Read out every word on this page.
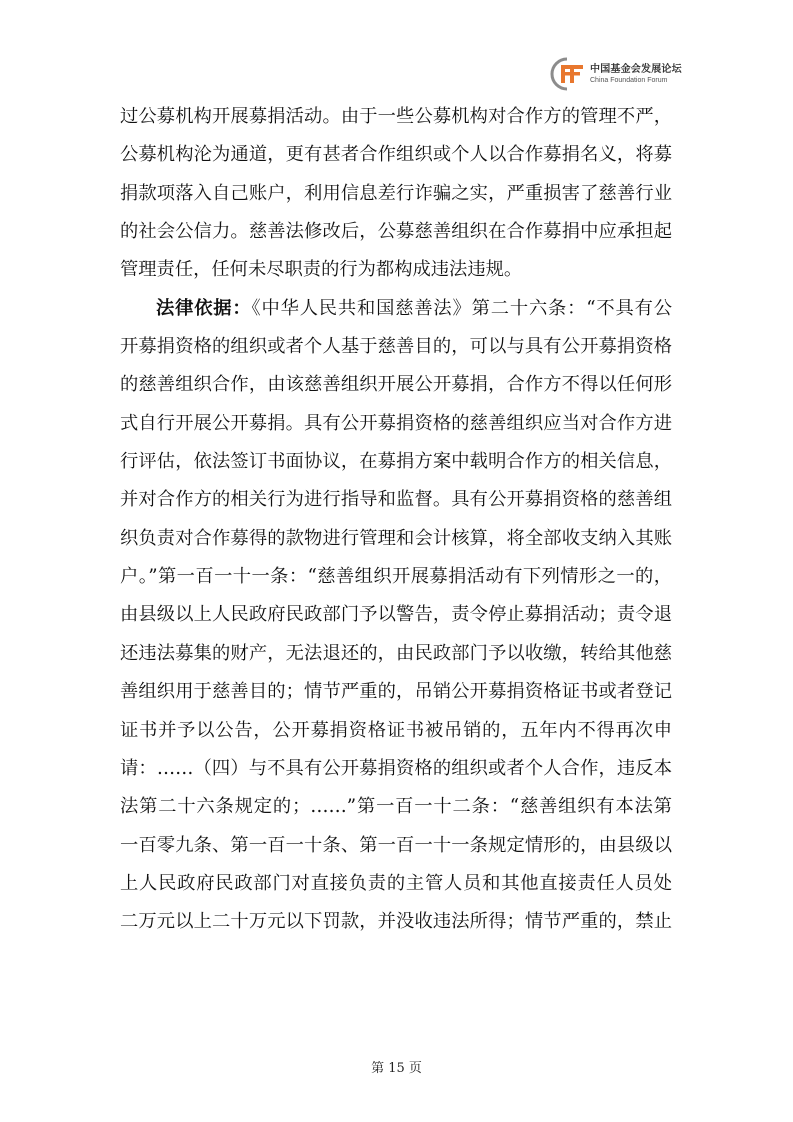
中国基金会发展论坛
China Foundation Forum
过公募机构开展募捐活动。由于一些公募机构对合作方的管理不严，
公募机构沦为通道，更有甚者合作组织或个人以合作募捐名义，将募
捐款项落入自己账户，利用信息差行诈骗之实，严重损害了慈善行业
的社会公信力。慈善法修改后，公募慈善组织在合作募捐中应承担起
管理责任，任何未尽职责的行为都构成违法违规。
法律依据：《中华人民共和国慈善法》第二十六条：“不具有公
开募捐资格的组织或者个人基于慈善目的，可以与具有公开募捐资格
的慈善组织合作，由该慈善组织开展公开募捐，合作方不得以任何形
式自行开展公开募捐。具有公开募捐资格的慈善组织应当对合作方进
行评估，依法签订书面协议，在募捐方案中载明合作方的相关信息，
并对合作方的相关行为进行指导和监督。具有公开募捐资格的慈善组
织负责对合作募得的款物进行管理和会计核算，将全部收支纳入其账
户。”第一百一十一条：“慈善组织开展募捐活动有下列情形之一的，
由县级以上人民政府民政部门予以警告，责令停止募捐活动；责令退
还违法募集的财产，无法退还的，由民政部门予以收缴，转给其他慈
善组织用于慈善目的；情节严重的，吊销公开募捐资格证书或者登记
证书并予以公告，公开募捐资格证书被吊销的，五年内不得再次申
请：……（四）与不具有公开募捐资格的组织或者个人合作，违反本
法第二十六条规定的；……”第一百一十二条：“慈善组织有本法第
一百零九条、第一百一十条、第一百一十一条规定情形的，由县级以
上人民政府民政部门对直接负责的主管人员和其他直接责任人员处
二万元以上二十万元以下罚款，并没收违法所得；情节严重的，禁止
第 15 页
